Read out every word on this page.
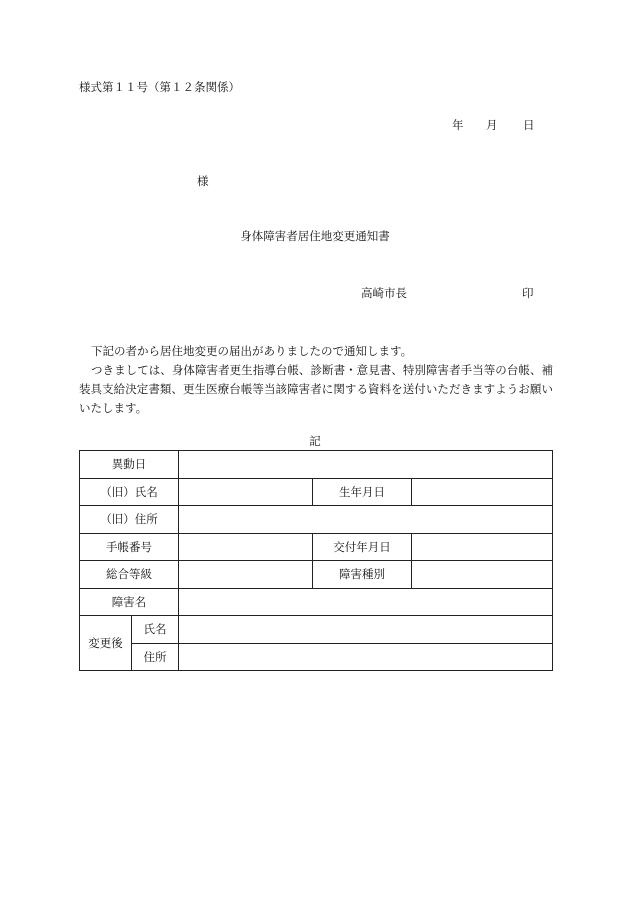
様式第１１号（第１２条関係）
年 月 日
様
身体障害者居住地変更通知書
高崎市長	印

下記の者から居住地変更の届出がありましたので通知します。

つきましては、身体障害者更生指導台帳、診断書・意見書、特別障害者手当等の台帳、補装具支給決定書類、更生医療台帳等当該障害者に関する資料を送付いただきますようお願いいたします。

記
異動日				
（旧）氏名			生年月日	
（旧）住所				
手帳番号			交付年月日	
総合等級			障害種別	
障害名				
変更後	氏名			
	住所			
